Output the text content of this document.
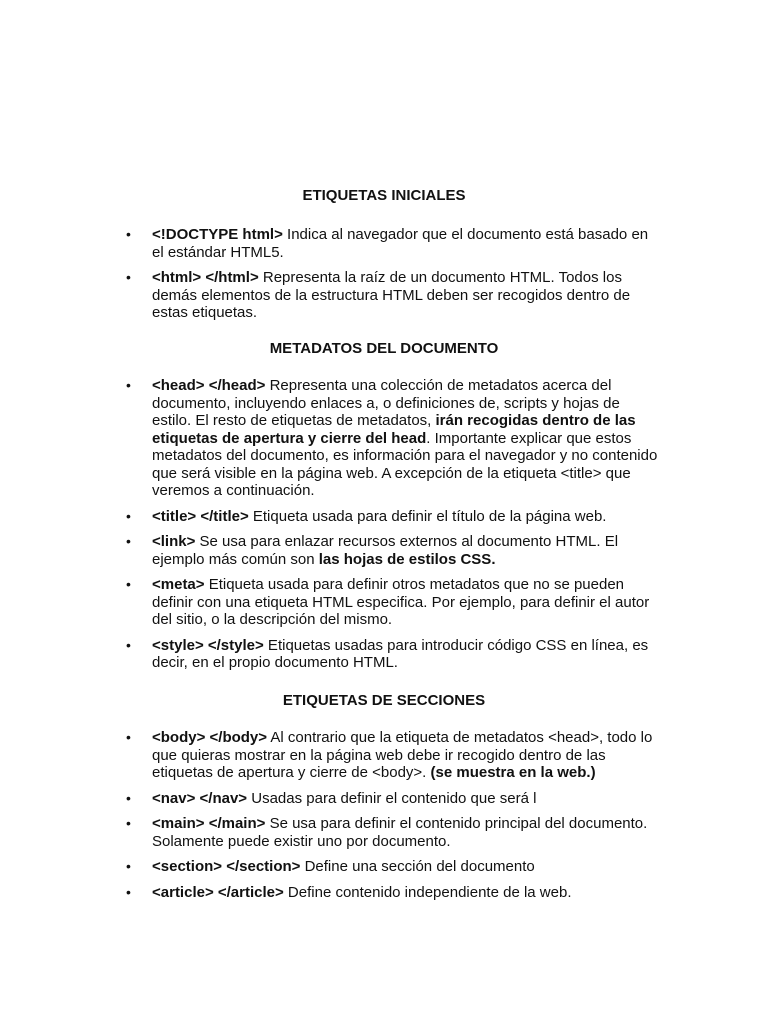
ETIQUETAS INICIALES
• <!DOCTYPE html> Indica al navegador que el documento está basado en el estándar HTML5.
• <html> </html> Representa la raíz de un documento HTML. Todos los demás elementos de la estructura HTML deben ser recogidos dentro de estas etiquetas.
METADATOS DEL DOCUMENTO
• <head> </head> Representa una colección de metadatos acerca del documento, incluyendo enlaces a, o definiciones de, scripts y hojas de estilo. El resto de etiquetas de metadatos, irán recogidas dentro de las etiquetas de apertura y cierre del head. Importante explicar que estos metadatos del documento, es información para el navegador y no contenido que será visible en la página web. A excepción de la etiqueta <title> que veremos a continuación.
• <title> </title> Etiqueta usada para definir el título de la página web.
• <link> Se usa para enlazar recursos externos al documento HTML. El ejemplo más común son las hojas de estilos CSS.
• <meta> Etiqueta usada para definir otros metadatos que no se pueden definir con una etiqueta HTML especifica. Por ejemplo, para definir el autor del sitio, o la descripción del mismo.
• <style> </style> Etiquetas usadas para introducir código CSS en línea, es decir, en el propio documento HTML.
ETIQUETAS DE SECCIONES
• <body> </body> Al contrario que la etiqueta de metadatos <head>, todo lo que quieras mostrar en la página web debe ir recogido dentro de las etiquetas de apertura y cierre de <body>. (se muestra en la web.)
• <nav> </nav> Usadas para definir el contenido que será l
• <main> </main> Se usa para definir el contenido principal del documento. Solamente puede existir uno por documento.
• <section> </section> Define una sección del documento
• <article> </article> Define contenido independiente de la web.
